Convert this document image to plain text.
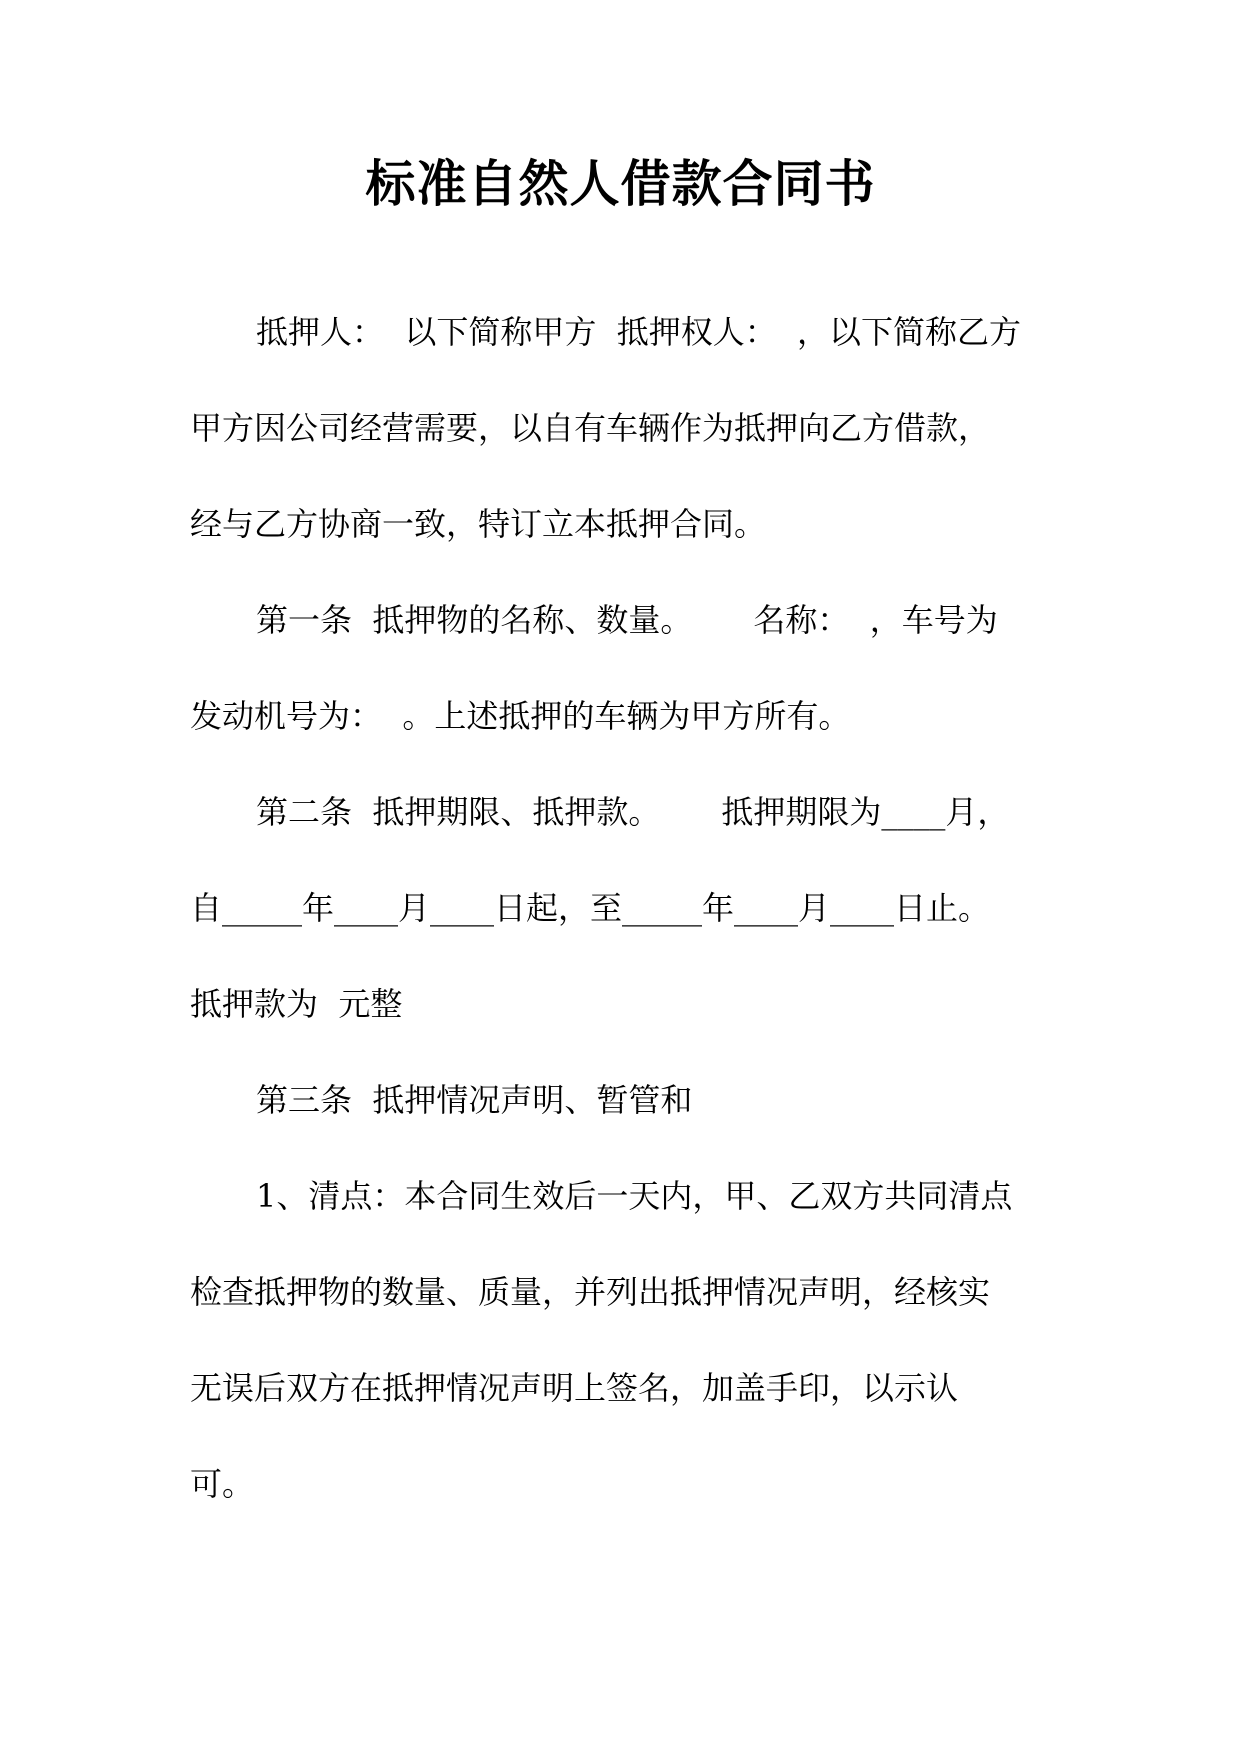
标准自然人借款合同书
抵押人：  以下简称甲方  抵押权人：  ，以下简称乙方
甲方因公司经营需要，以自有车辆作为抵押向乙方借款，
经与乙方协商一致，特订立本抵押合同。
第一条  抵押物的名称、数量。      名称：  ，车号为
发动机号为：  。上述抵押的车辆为甲方所有。
第二条  抵押期限、抵押款。      抵押期限为____月，
自_____年____月____日起，至_____年____月____日止。
抵押款为  元整
第三条  抵押情况声明、暂管和
1、清点：本合同生效后一天内，甲、乙双方共同清点
检查抵押物的数量、质量，并列出抵押情况声明，经核实
无误后双方在抵押情况声明上签名，加盖手印，以示认
可。
